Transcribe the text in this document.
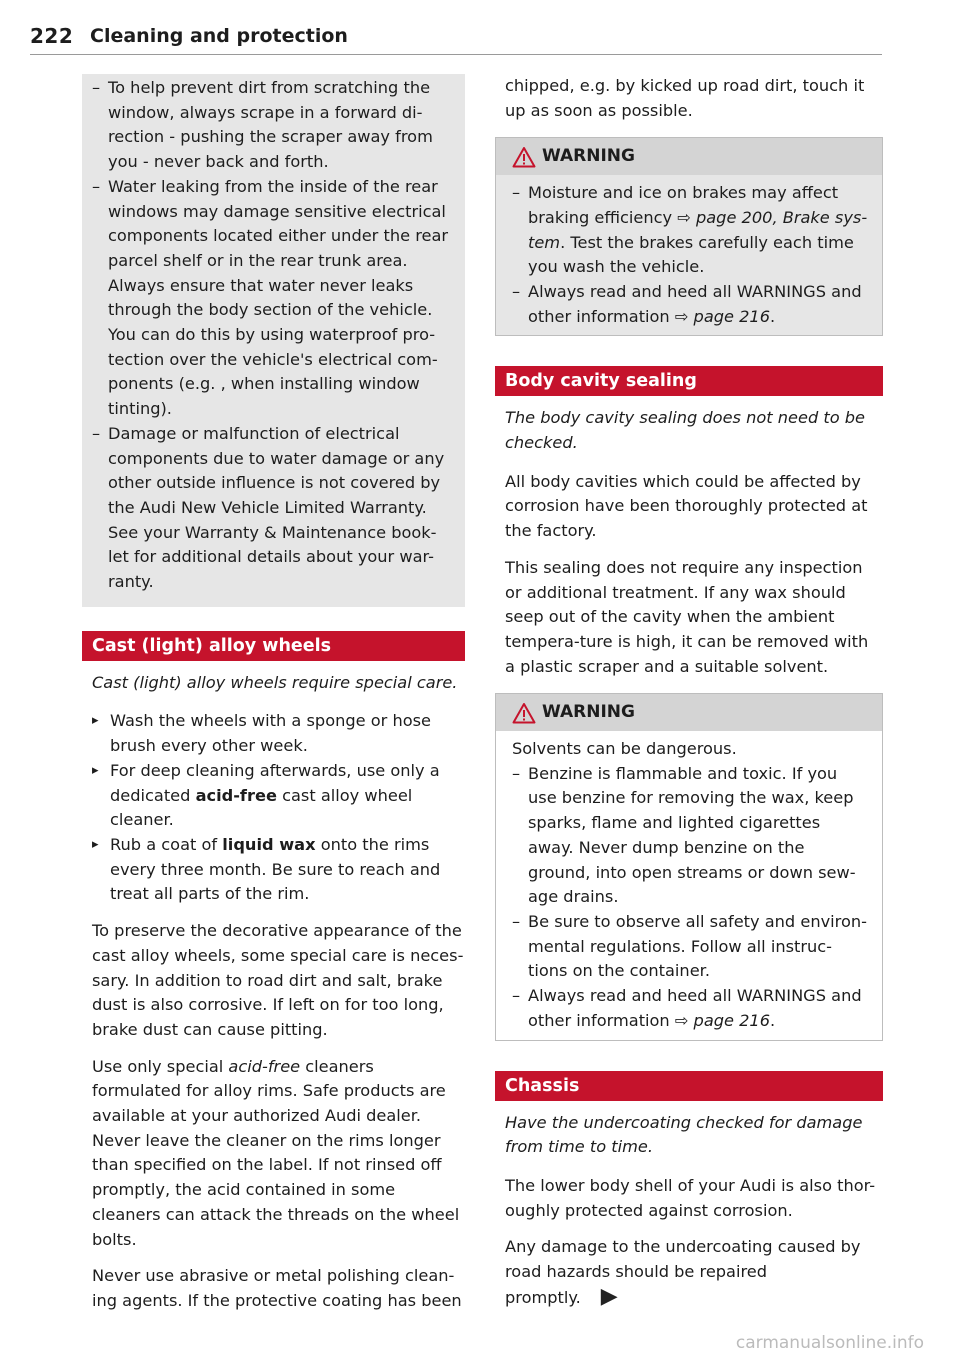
222 Cleaning and protection
– To help prevent dirt from scratching the window, always scrape in a forward di-rection - pushing the scraper away from you - never back and forth.
– Water leaking from the inside of the rear windows may damage sensitive electrical components located either under the rear parcel shelf or in the rear trunk area. Always ensure that water never leaks through the body section of the vehicle. You can do this by using waterproof pro-tection over the vehicle's electrical com-ponents (e.g. , when installing window tinting).
– Damage or malfunction of electrical components due to water damage or any other outside influence is not covered by the Audi New Vehicle Limited Warranty. See your Warranty & Maintenance book-let for additional details about your war-ranty.
Cast (light) alloy wheels

Cast (light) alloy wheels require special care.

▸ Wash the wheels with a sponge or hose brush every other week.
▸ For deep cleaning afterwards, use only a dedicated acid-free cast alloy wheel cleaner.
▸ Rub a coat of liquid wax onto the rims every three month. Be sure to reach and treat all parts of the rim.

To preserve the decorative appearance of the cast alloy wheels, some special care is neces-sary. In addition to road dirt and salt, brake dust is also corrosive. If left on for too long, brake dust can cause pitting.

Use only special acid-free cleaners formulated for alloy rims. Safe products are available at your authorized Audi dealer. Never leave the cleaner on the rims longer than specified on the label. If not rinsed off promptly, the acid contained in some cleaners can attack the threads on the wheel bolts.

Never use abrasive or metal polishing clean-ing agents. If the protective coating has been

chipped, e.g. by kicked up road dirt, touch it up as soon as possible.

WARNING
– Moisture and ice on brakes may affect braking efficiency ⇨ page 200, Brake sys-tem. Test the brakes carefully each time you wash the vehicle.
– Always read and heed all WARNINGS and other information ⇨ page 216.
Body cavity sealing

The body cavity sealing does not need to be checked.

All body cavities which could be affected by corrosion have been thoroughly protected at the factory.

This sealing does not require any inspection or additional treatment. If any wax should seep out of the cavity when the ambient tempera-ture is high, it can be removed with a plastic scraper and a suitable solvent.

WARNING

Solvents can be dangerous.

– Benzine is flammable and toxic. If you use benzine for removing the wax, keep sparks, flame and lighted cigarettes away. Never dump benzine on the ground, into open streams or down sew-age drains.
– Be sure to observe all safety and environ-mental regulations. Follow all instruc-tions on the container.
– Always read and heed all WARNINGS and other information ⇨ page 216.
Chassis

Have the undercoating checked for damage from time to time.

The lower body shell of your Audi is also thor-oughly protected against corrosion.

Any damage to the undercoating caused by road hazards should be repaired promptly. ▶

carmanualsonline.info
